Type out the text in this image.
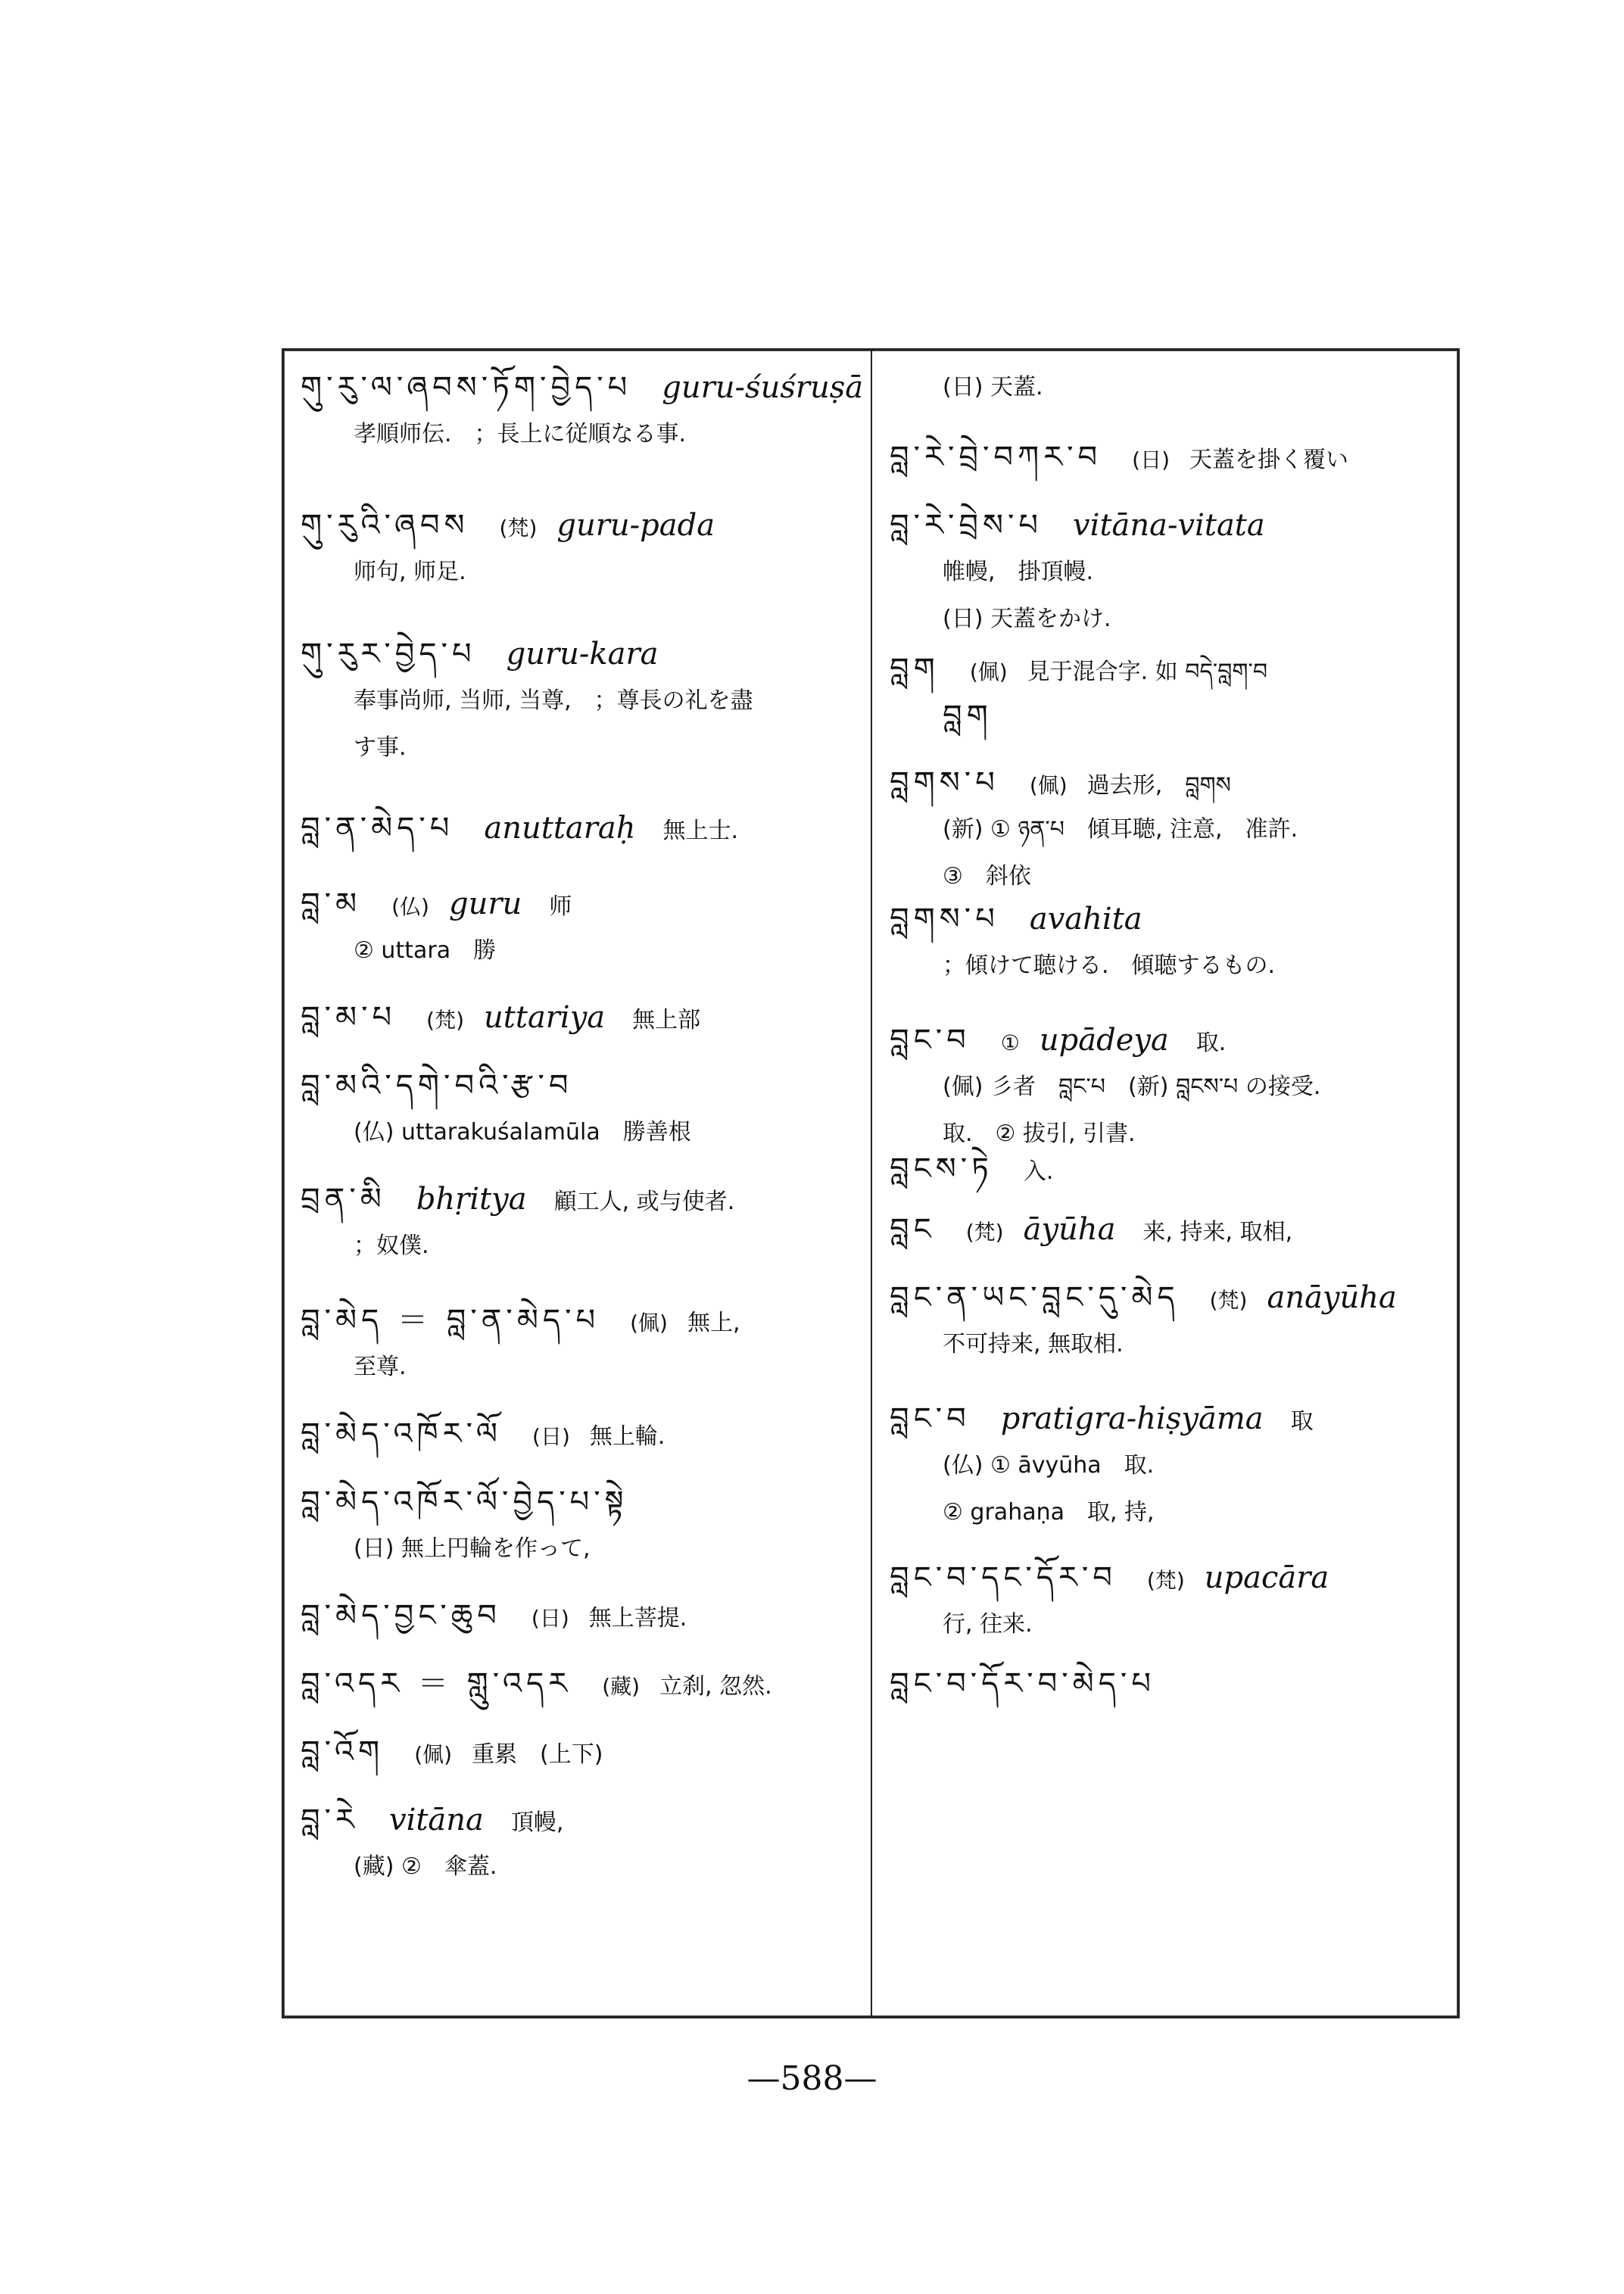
གུ་རུ་ལ་ཞབས་ཏོག་བྱེད་པ guru-śuśruṣā
孝順师伝.　；長上に従順なる事.
གུ་རུའི་ཞབས (梵) guru-pada
师句, 师足.
གུ་རུར་བྱེད་པ guru-kara
奉事尚师, 当师, 当尊,　；尊長の礼を盡
す事.
བླ་ན་མེད་པ anuttaraḥ 無上士.
བླ་མ (仏) guru 师
② uttara　勝
བླ་མ་པ (梵) uttariya 無上部
བླ་མའི་དགེ་བའི་རྩ་བ
(仏) uttarakuśalamūla　勝善根
བྲན་མི bhṛitya 顧工人, 或与使者.
；奴僕.
བླ་མེད ＝ བླ་ན་མེད་པ (佩) 無上,
至尊.
བླ་མེད་འཁོར་ལོ (日) 無上輪.
བླ་མེད་འཁོར་ལོ་བྱེད་པ་སྟེ
(日) 無上円輪を作って,
བླ་མེད་བྱང་ཆུབ (日) 無上菩提.
བླ་འདར ＝ གླུ་འདར (藏) 立刹, 忽然.
བླ་འོག (佩) 重累　(上下)
བླ་རེ vitāna 頂幔,
(藏) ②　傘蓋.
(日) 天蓋.
བླ་རེ་བྲེ་བཀར་བ (日) 天蓋を掛く覆い
བླ་རེ་བྲེས་པ vitāna-vitata
帷幔,　掛頂幔.
(日) 天蓋をかけ.
བླག (佩) 見于混合字. 如 བདེ་བླག་བ
བླག
བླགས་པ (佩) 過去形,　བླགས
(新) ① ཉན་པ　傾耳聴, 注意,　准許.
③　斜依
བླགས་པ avahita
；傾けて聴ける.　傾聴するもの.
བླང་བ ① upādeya 取.
(佩) 彡者　བླང་པ　(新) བླངས་པ の接受.
取.　② 拔引, 引書.
བླངས་ཏེ 入.
བླང (梵) āyūha 来, 持来, 取相,
བླང་ན་ཡང་བླང་དུ་མེད (梵) anāyūha
不可持来, 無取相.
བླང་བ pratigra-hiṣyāma 取
(仏) ① āvyūha　取.
② grahaṇa　取, 持,
བླང་བ་དང་དོར་བ (梵) upacāra
行, 往来.
བླང་བ་དོར་བ་མེད་པ
—588—
